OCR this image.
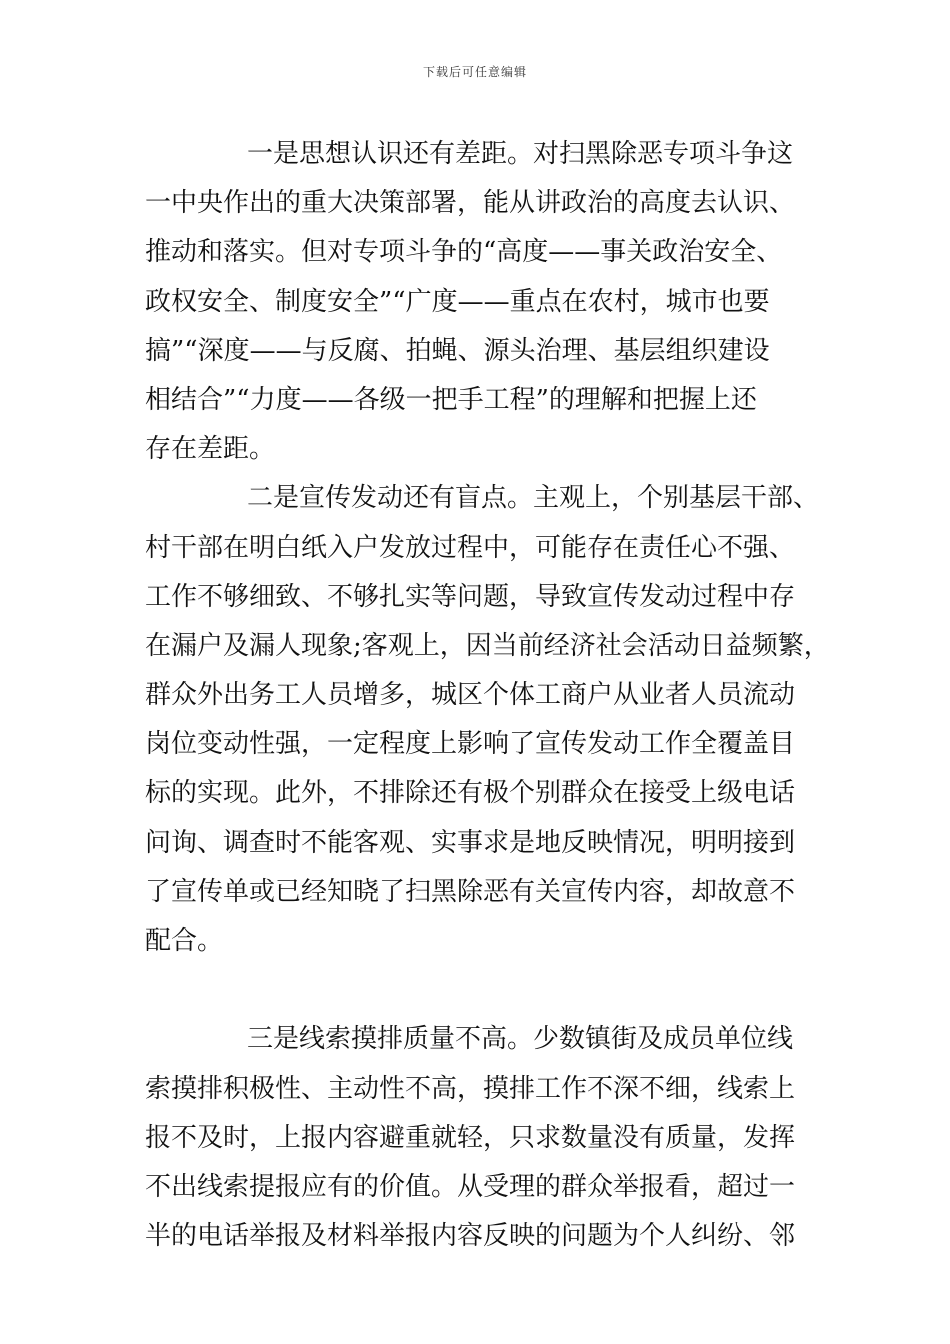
下载后可任意编辑
一是思想认识还有差距。对扫黑除恶专项斗争这
一中央作出的重大决策部署，能从讲政治的高度去认识、
推动和落实。但对专项斗争的“高度——事关政治安全、
政权安全、制度安全”“广度——重点在农村，城市也要
搞”“深度——与反腐、拍蝇、源头治理、基层组织建设
相结合”“力度——各级一把手工程”的理解和把握上还
存在差距。
二是宣传发动还有盲点。主观上，个别基层干部、
村干部在明白纸入户发放过程中，可能存在责任心不强、
工作不够细致、不够扎实等问题，导致宣传发动过程中存
在漏户及漏人现象;客观上，因当前经济社会活动日益频繁，
群众外出务工人员增多，城区个体工商户从业者人员流动
岗位变动性强，一定程度上影响了宣传发动工作全覆盖目
标的实现。此外，不排除还有极个别群众在接受上级电话
问询、调查时不能客观、实事求是地反映情况，明明接到
了宣传单或已经知晓了扫黑除恶有关宣传内容，却故意不
配合。
三是线索摸排质量不高。少数镇街及成员单位线
索摸排积极性、主动性不高，摸排工作不深不细，线索上
报不及时，上报内容避重就轻，只求数量没有质量，发挥
不出线索提报应有的价值。从受理的群众举报看，超过一
半的电话举报及材料举报内容反映的问题为个人纠纷、邻
